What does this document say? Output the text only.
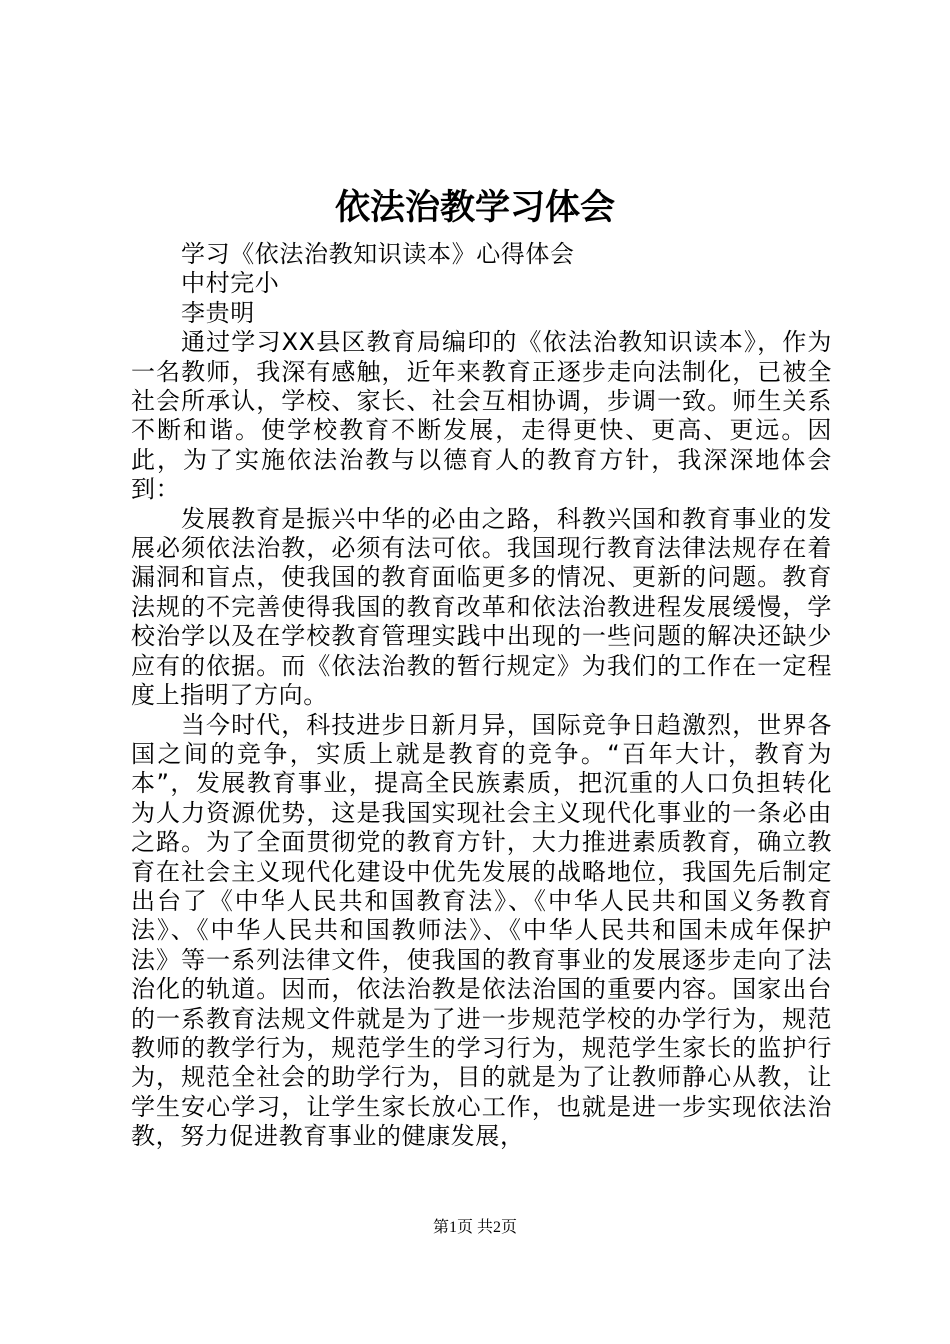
依法治教学习体会

学习《依法治教知识读本》心得体会

中村完小

李贵明

通过学习XX县区教育局编印的《依法治教知识读本》，作为一名教师，我深有感触，近年来教育正逐步走向法制化，已被全社会所承认，学校、家长、社会互相协调，步调一致。师生关系不断和谐。使学校教育不断发展，走得更快、更高、更远。因此，为了实施依法治教与以德育人的教育方针，我深深地体会到：

发展教育是振兴中华的必由之路，科教兴国和教育事业的发展必须依法治教，必须有法可依。我国现行教育法律法规存在着漏洞和盲点，使我国的教育面临更多的情况、更新的问题。教育法规的不完善使得我国的教育改革和依法治教进程发展缓慢，学校治学以及在学校教育管理实践中出现的一些问题的解决还缺少应有的依据。而《依法治教的暂行规定》为我们的工作在一定程度上指明了方向。

当今时代，科技进步日新月异，国际竞争日趋激烈，世界各国之间的竞争，实质上就是教育的竞争。“百年大计，教育为本”，发展教育事业，提高全民族素质，把沉重的人口负担转化为人力资源优势，这是我国实现社会主义现代化事业的一条必由之路。为了全面贯彻党的教育方针，大力推进素质教育，确立教育在社会主义现代化建设中优先发展的战略地位，我国先后制定出台了《中华人民共和国教育法》、《中华人民共和国义务教育法》、《中华人民共和国教师法》、《中华人民共和国未成年保护法》等一系列法律文件，使我国的教育事业的发展逐步走向了法治化的轨道。因而，依法治教是依法治国的重要内容。国家出台的一系教育法规文件就是为了进一步规范学校的办学行为，规范教师的教学行为，规范学生的学习行为，规范学生家长的监护行为，规范全社会的助学行为，目的就是为了让教师静心从教，让学生安心学习，让学生家长放心工作，也就是进一步实现依法治教，努力促进教育事业的健康发展，

第1页 共2页
